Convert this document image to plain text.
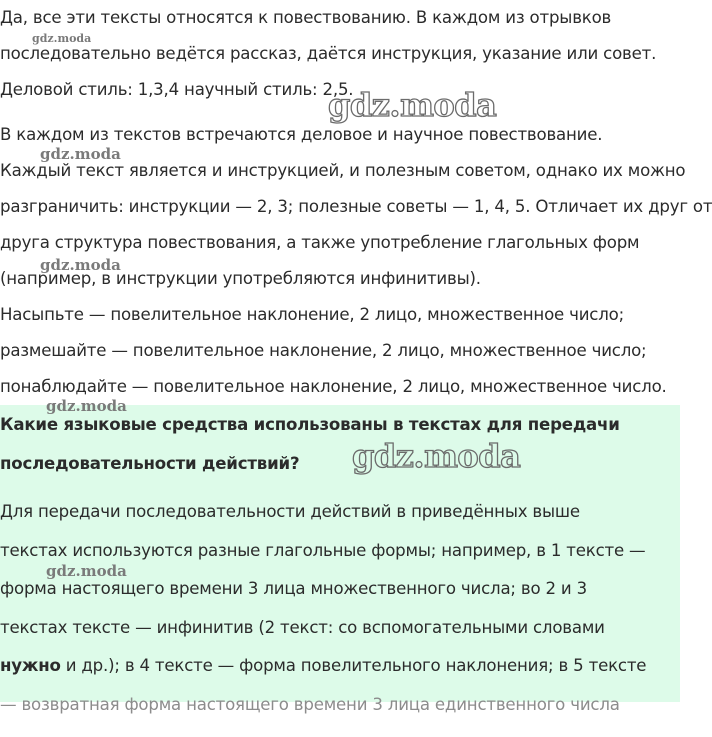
Да, все эти тексты относятся к повествованию. В каждом из отрывков
последовательно ведётся рассказ, даётся инструкция, указание или совет.
Деловой стиль: 1,3,4 научный стиль: 2,5.
В каждом из текстов встречаются деловое и научное повествование.
Каждый текст является и инструкцией, и полезным советом, однако их можно
разграничить: инструкции — 2, 3; полезные советы — 1, 4, 5. Отличает их друг от
друга структура повествования, а также употребление глагольных форм
(например, в инструкции употребляются инфинитивы).
Насыпьте — повелительное наклонение, 2 лицо, множественное число;
размешайте — повелительное наклонение, 2 лицо, множественное число;
понаблюдайте — повелительное наклонение, 2 лицо, множественное число.
Какие языковые средства использованы в текстах для передачи
последовательности действий?
Для передачи последовательности действий в приведённых выше
текстах используются разные глагольные формы; например, в 1 тексте —
форма настоящего времени 3 лица множественного числа; во 2 и 3
текстах тексте — инфинитив (2 текст: со вспомогательными словами
нужно и др.); в 4 тексте — форма повелительного наклонения; в 5 тексте
— возвратная форма настоящего времени 3 лица единственного числа
gdz.moda
gdz.moda
gdz.moda
gdz.moda
gdz.moda
gdz.moda
gdz.moda
